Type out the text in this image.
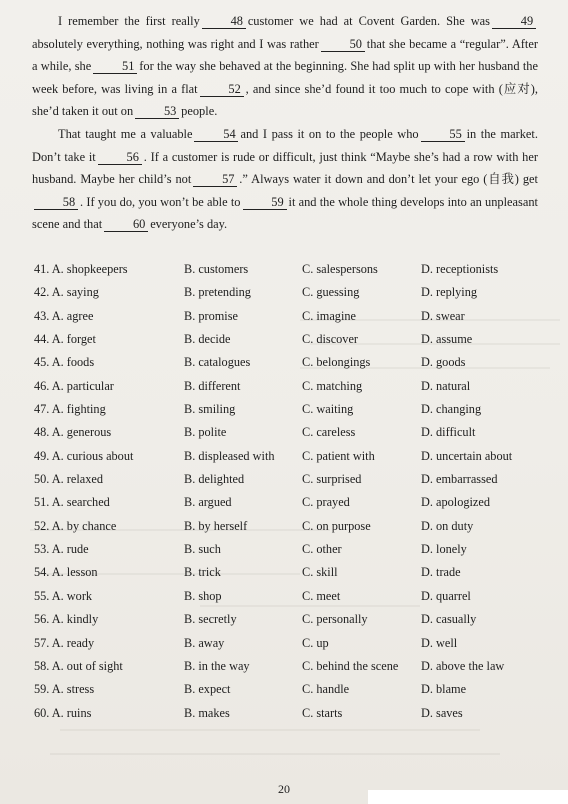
I remember the first really 48 customer we had at Covent Garden. She was 49absolutely everything, nothing was right and I was rather 50 that she became a “regular”. After a while, she 51 for the way she behaved at the beginning. She had split up with her husband the week before, was living in a flat 52 , and since she’d found it too much to cope with (应对), she’d taken it out on 53 people.

That taught me a valuable 54 and I pass it on to the people who 55 in the market. Don’t take it 56 . If a customer is rude or difficult, just think “Maybe she’s had a row with her husband. Maybe her child’s not 57 .” Always water it down and don’t let your ego (自我) get58 . If you do, you won’t be able to 59 it and the whole thing develops into an unpleasant scene and that 60 everyone’s day.

41. A. shopkeepers	B. customers	C. salespersons	D. receptionists
42. A. saying	B. pretending	C. guessing	D. replying
43. A. agree	B. promise	C. imagine	D. swear
44. A. forget	B. decide	C. discover	D. assume
45. A. foods	B. catalogues	C. belongings	D. goods
46. A. particular	B. different	C. matching	D. natural
47. A. fighting	B. smiling	C. waiting	D. changing
48. A. generous	B. polite	C. careless	D. difficult
49. A. curious about	B. displeased with C. patient with	D. uncertain about
50. A. relaxed	B. delighted	C. surprised	D. embarrassed
51. A. searched	B. argued	C. prayed	D. apologized
52. A. by chance	B. by herself	C. on purpose	D. on duty
53. A. rude	B. such	C. other	D. lonely
54. A. lesson	B. trick	C. skill	D. trade
55. A. work	B. shop	C. meet	D. quarrel
56. A. kindly	B. secretly	C. personally	D. casually
57. A. ready	B. away	C. up	D. well
58. A. out of sight	B. in the way	C. behind the scene D. above the law
59. A. stress	B. expect	C. handle	D. blame
60. A. ruins	B. makes	C. starts	D. saves
20
